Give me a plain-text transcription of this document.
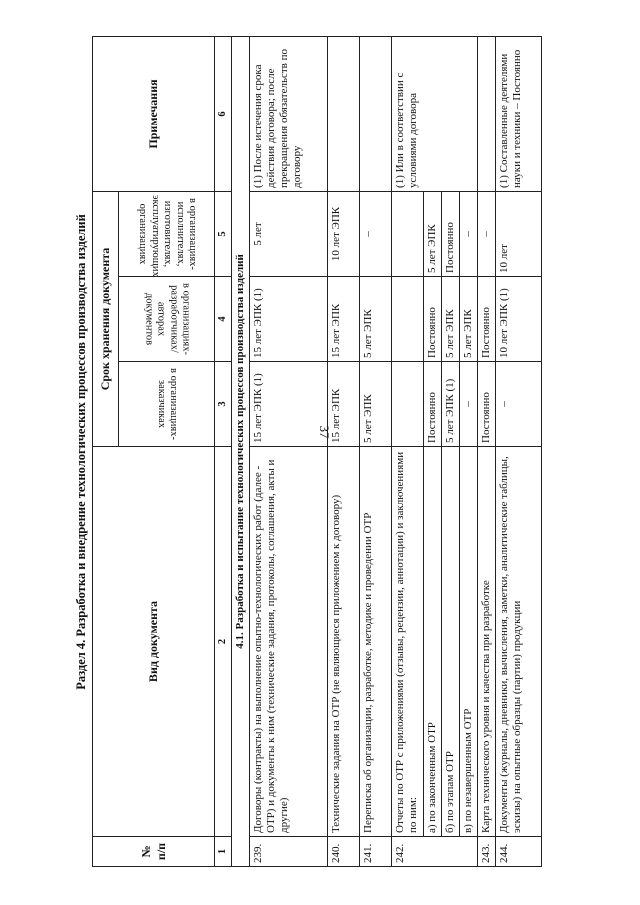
37
Раздел 4. Разработка и внедрение технологических процессов производства изделий
№ п/п	Вид документа	Срок хранения документа			Примечания

		в организациях-заказчиках	в организациях-разработчиках/авторах документов	в организациях-исполнителях, изготовителях, эксплуатирующих организациях	

1	2	3	4	5	6
4.1. Разработка и испытание технологических процессов производства изделий					
239.	Договоры (контракты) на выполнение опытно-технологических работ (далее - ОТР) и документы к ним (технические задания, протоколы, соглашения, акты и другие)	15 лет ЭПК (1)	15 лет ЭПК (1)	5 лет	(1) После истечения срока действия договора; после прекращения обязательств по договору
240.	Технические задания на ОТР (не являющиеся приложением к договору)	15 лет ЭПК	15 лет ЭПК	10 лет ЭПК	
241.	Переписка об организации, разработке, методике и проведении ОТР	5 лет ЭПК	5 лет ЭПК	–	
242.	Отчеты по ОТР с приложениями (отзывы, рецензии, аннотации) и заключениями по ним:				(1) Или в соответствии с условиями договора
	а) по законченным ОТР	Постоянно	Постоянно	5 лет ЭПК	
	б) по этапам ОТР	5 лет ЭПК (1)	5 лет ЭПК	Постоянно	
	в) по незавершенным ОТР	–	5 лет ЭПК	–	
243.	Карта технического уровня и качества при разработке	Постоянно	Постоянно	–	
244.	Документы (журналы, дневники, вычисления, заметки, аналитические таблицы, эскизы) на опытные образцы (партии) продукции	–	10 лет ЭПК (1)	10 лет	(1) Составленные деятелями науки и техники – Постоянно
